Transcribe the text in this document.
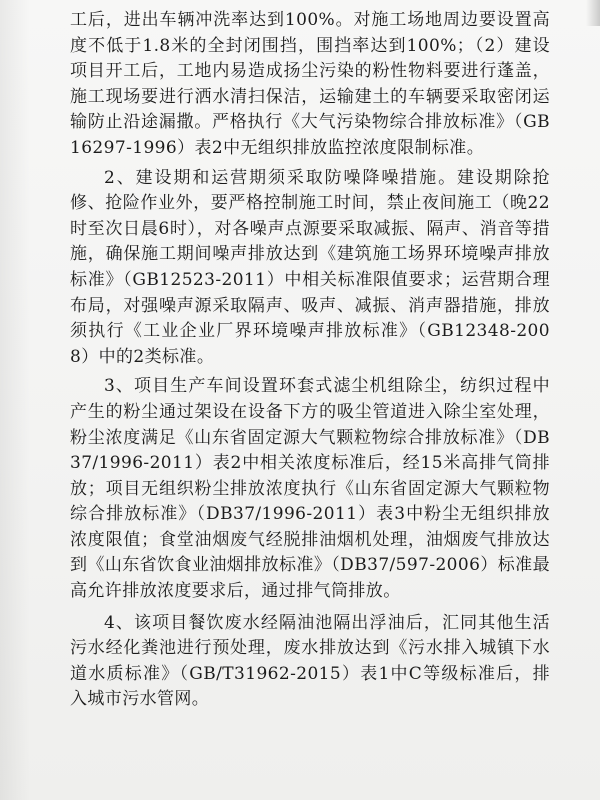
工后，进出车辆冲洗率达到100%。对施工场地周边要设置高度不低于1.8米的全封闭围挡，围挡率达到100%；（2）建设项目开工后，工地内易造成扬尘污染的粉性物料要进行蓬盖，施工现场要进行洒水清扫保洁，运输建土的车辆要采取密闭运输防止沿途漏撒。严格执行《大气污染物综合排放标准》（GB16297-1996）表2中无组织排放监控浓度限制标准。

2、建设期和运营期须采取防噪降噪措施。建设期除抢修、抢险作业外，要严格控制施工时间，禁止夜间施工（晚22时至次日晨6时），对各噪声点源要采取减振、隔声、消音等措施，确保施工期间噪声排放达到《建筑施工场界环境噪声排放标准》（GB12523-2011）中相关标准限值要求；运营期合理布局，对强噪声源采取隔声、吸声、减振、消声器措施，排放须执行《工业企业厂界环境噪声排放标准》（GB12348-2008）中的2类标准。

3、项目生产车间设置环套式滤尘机组除尘，纺织过程中产生的粉尘通过架设在设备下方的吸尘管道进入除尘室处理，粉尘浓度满足《山东省固定源大气颗粒物综合排放标准》（DB37/1996-2011）表2中相关浓度标准后，经15米高排气筒排放；项目无组织粉尘排放浓度执行《山东省固定源大气颗粒物综合排放标准》（DB37/1996-2011）表3中粉尘无组织排放浓度限值；食堂油烟废气经脱排油烟机处理，油烟废气排放达到《山东省饮食业油烟排放标准》（DB37/597-2006）标准最高允许排放浓度要求后，通过排气筒排放。

4、该项目餐饮废水经隔油池隔出浮油后，汇同其他生活污水经化粪池进行预处理，废水排放达到《污水排入城镇下水道水质标准》（GB/T31962-2015）表1中C等级标准后，排入城市污水管网。
